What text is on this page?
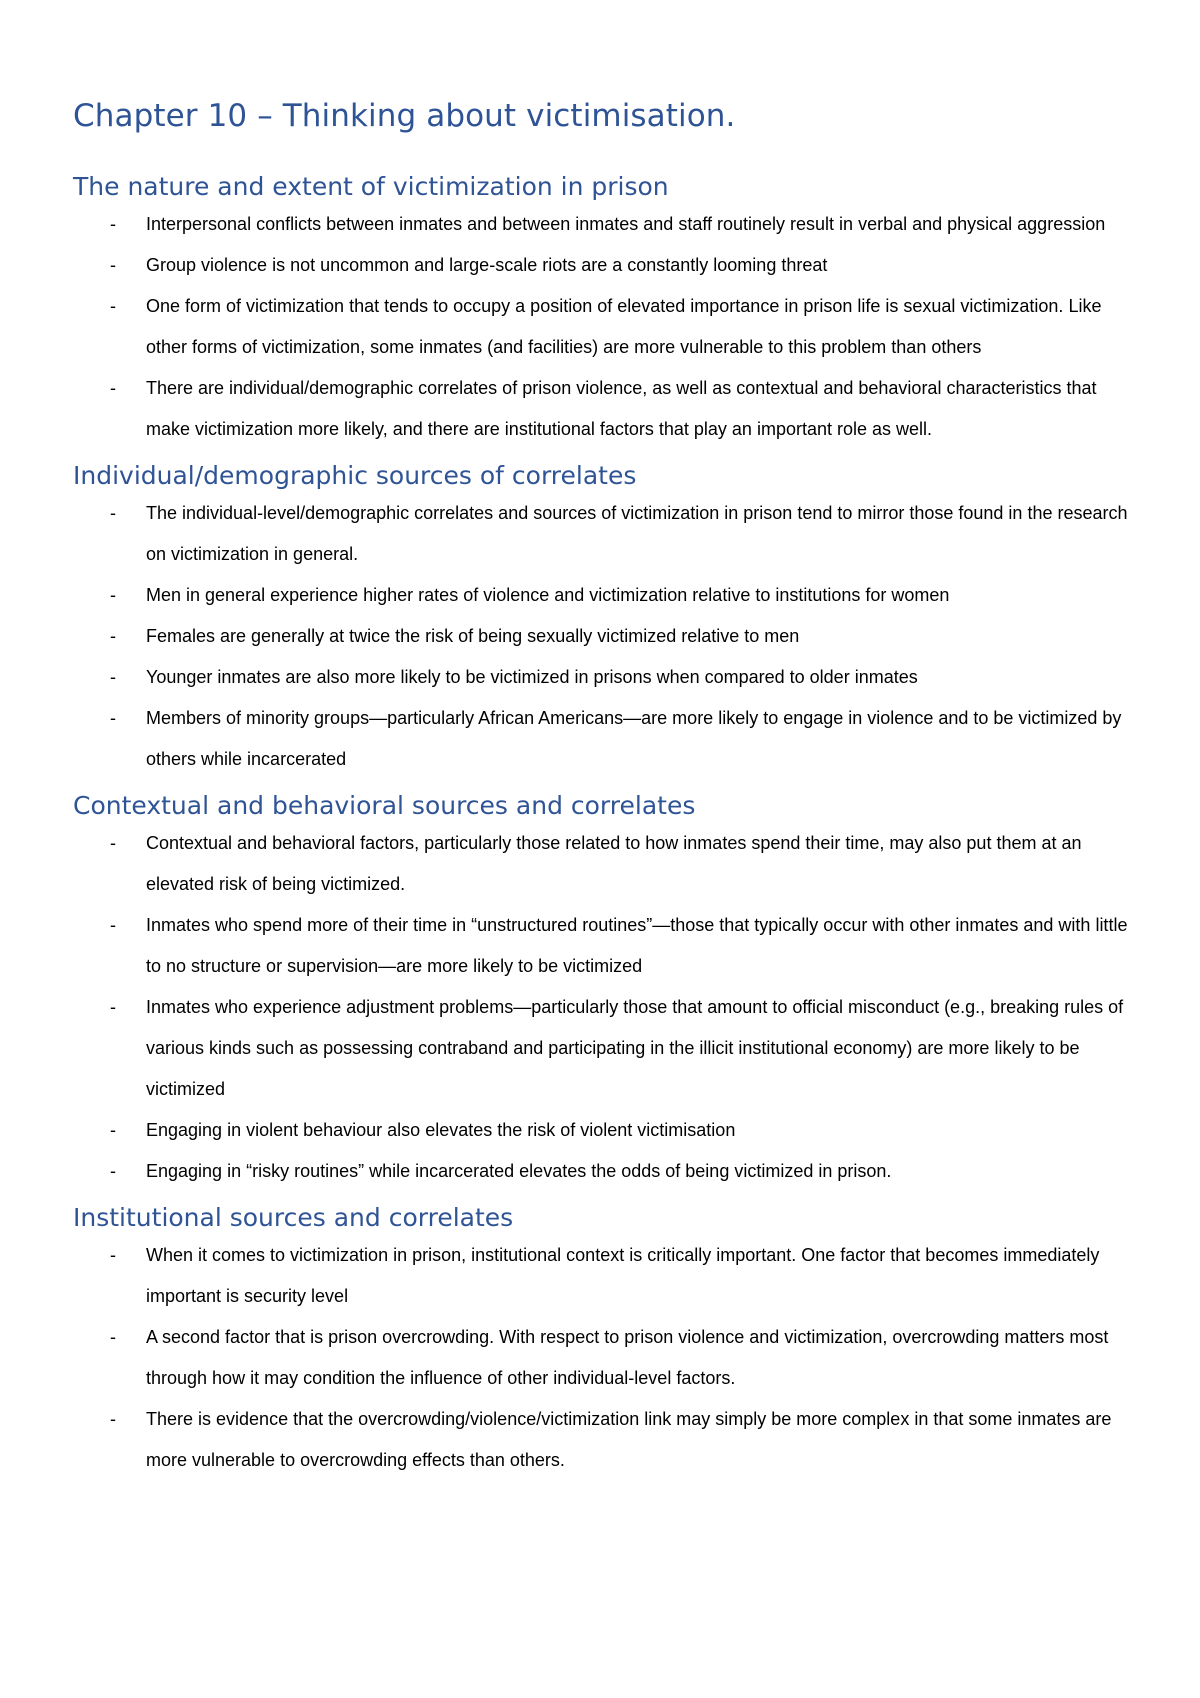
Chapter 10 – Thinking about victimisation.
The nature and extent of victimization in prison
- Interpersonal conflicts between inmates and between inmates and staff routinely result in verbal and physical aggression
- Group violence is not uncommon and large-scale riots are a constantly looming threat
- One form of victimization that tends to occupy a position of elevated importance in prison life is sexual victimization. Like other forms of victimization, some inmates (and facilities) are more vulnerable to this problem than others
- There are individual/demographic correlates of prison violence, as well as contextual and behavioral characteristics that make victimization more likely, and there are institutional factors that play an important role as well.
Individual/demographic sources of correlates
- The individual-level/demographic correlates and sources of victimization in prison tend to mirror those found in the research on victimization in general.
- Men in general experience higher rates of violence and victimization relative to institutions for women
- Females are generally at twice the risk of being sexually victimized relative to men
- Younger inmates are also more likely to be victimized in prisons when compared to older inmates
- Members of minority groups—particularly African Americans—are more likely to engage in violence and to be victimized by others while incarcerated
Contextual and behavioral sources and correlates
- Contextual and behavioral factors, particularly those related to how inmates spend their time, may also put them at an elevated risk of being victimized.
- Inmates who spend more of their time in “unstructured routines”—those that typically occur with other inmates and with little to no structure or supervision—are more likely to be victimized
- Inmates who experience adjustment problems—particularly those that amount to official misconduct (e.g., breaking rules of various kinds such as possessing contraband and participating in the illicit institutional economy) are more likely to be victimized
- Engaging in violent behaviour also elevates the risk of violent victimisation
- Engaging in “risky routines” while incarcerated elevates the odds of being victimized in prison.
Institutional sources and correlates
- When it comes to victimization in prison, institutional context is critically important. One factor that becomes immediately important is security level
- A second factor that is prison overcrowding. With respect to prison violence and victimization, overcrowding matters most through how it may condition the influence of other individual-level factors.
- There is evidence that the overcrowding/violence/victimization link may simply be more complex in that some inmates are more vulnerable to overcrowding effects than others.
